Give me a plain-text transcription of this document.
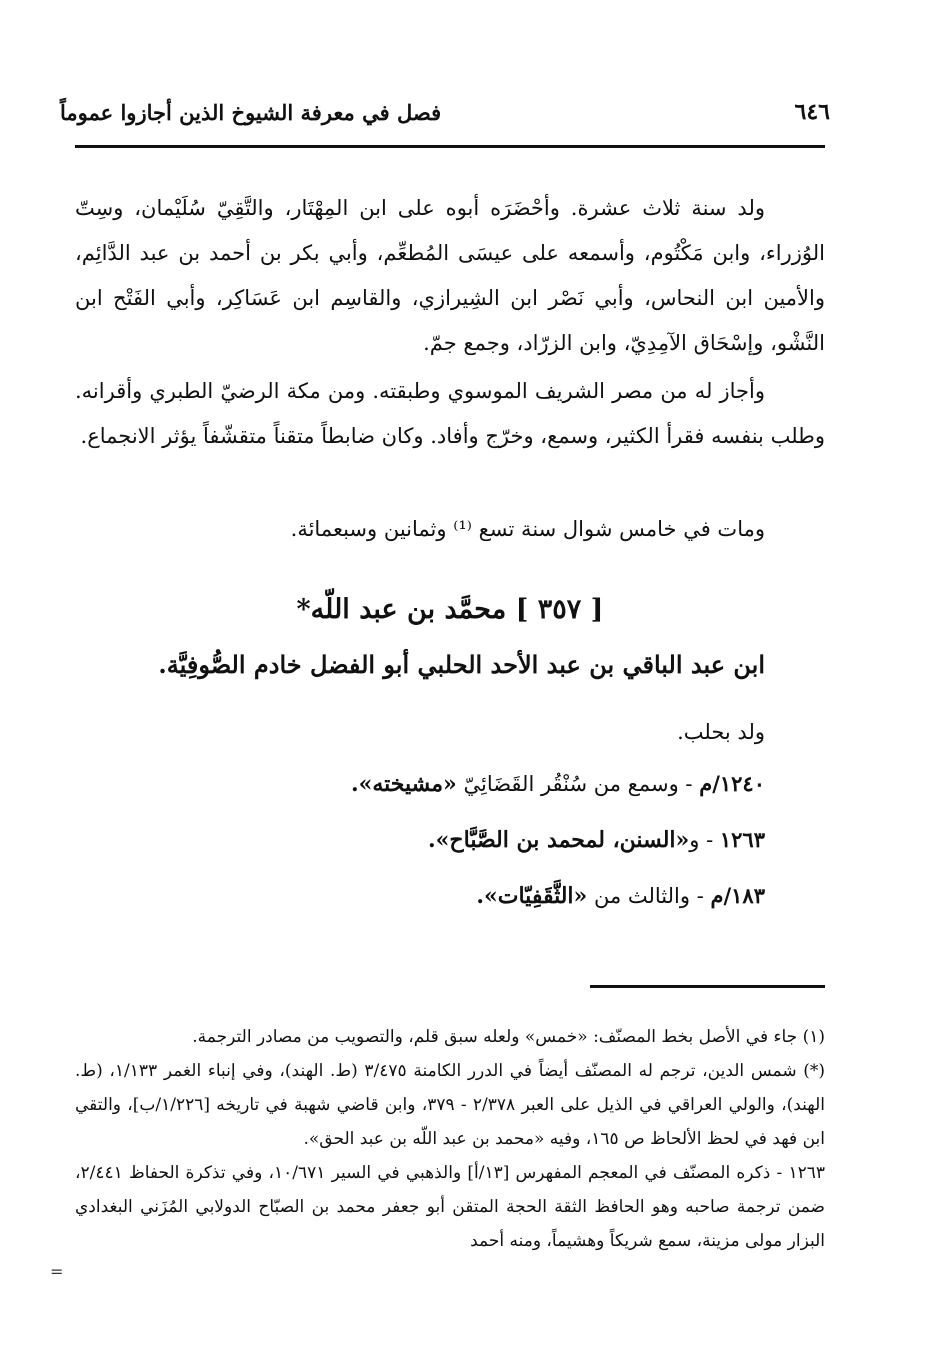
٦٤٦
فصل في معرفة الشيوخ الذين أجازوا عموماً

ولد سنة ثلاث عشرة. وأحْضَرَه أبوه على ابن المِهْتَار، والتَّقِيّ سُلَيْمان، وسِتّ الوُزراء، وابن مَكْتُوم، وأسمعه على عيسَى المُطعِّم، وأبي بكر بن أحمد بن عبد الدَّائِم، والأمين ابن النحاس، وأبي نَصْر ابن الشِيرازي، والقاسِم ابن عَسَاكِر، وأبي الفَتْح ابن النَّشْو، وإسْحَاق الآمِدِيّ، وابن الزرّاد، وجمع جمّ.

وأجاز له من مصر الشريف الموسوي وطبقته. ومن مكة الرضيّ الطبري وأقرانه. وطلب بنفسه فقرأ الكثير، وسمع، وخرّج وأفاد. وكان ضابطاً متقناً متقشّفاً يؤثر الانجماع.

ومات في خامس شوال سنة تسع ⁽¹⁾ وثمانين وسبعمائة.

[ ٣٥٧ ] محمَّد بن عبد اللّه*
ابن عبد الباقي بن عبد الأحد الحلبي أبو الفضل خادم الصُّوفِيَّة.
ولد بحلب.
١٢٤٠/م - وسمع من سُنْقُر القَضَائِيّ «مشيخته».
١٢٦٣ - و«السنن، لمحمد بن الصَّبَّاح».
١٨٣/م - والثالث من «الثَّقَفِيّات».

(١) جاء في الأصل بخط المصنّف: «خمس» ولعله سبق قلم، والتصويب من مصادر الترجمة.

(*) شمس الدين، ترجم له المصنّف أيضاً في الدرر الكامنة ٣/٤٧٥ (ط. الهند)، وفي إنباء الغمر ١/١٣٣، (ط. الهند)، والولي العراقي في الذيل على العبر ٢/٣٧٨ - ٣٧٩، وابن قاضي شهبة في تاريخه [١/٢٢٦/ب]، والتقي ابن فهد في لحظ الألحاظ ص ١٦٥، وفيه «محمد بن عبد اللّه بن عبد الحق».

١٢٦٣ - ذكره المصنّف في المعجم المفهرس [١٣/أ] والذهبي في السير ١٠/٦٧١، وفي تذكرة الحفاظ ٢/٤٤١، ضمن ترجمة صاحبه وهو الحافظ الثقة الحجة المتقن أبو جعفر محمد بن الصبّاح الدولابي المُزَني البغدادي البزار مولى مزينة، سمع شريكاً وهشيماً، ومنه أحمد

=
